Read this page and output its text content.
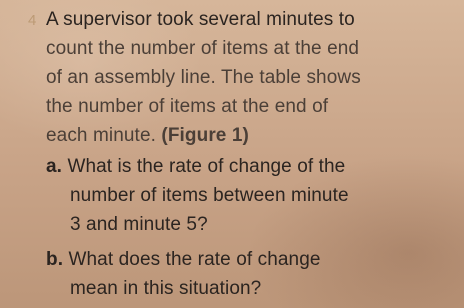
4 A supervisor took several minutes to
count the number of items at the end
of an assembly line. The table shows
the number of items at the end of
each minute. (Figure 1)
a. What is the rate of change of the
number of items between minute
3 and minute 5?
b. What does the rate of change
mean in this situation?
